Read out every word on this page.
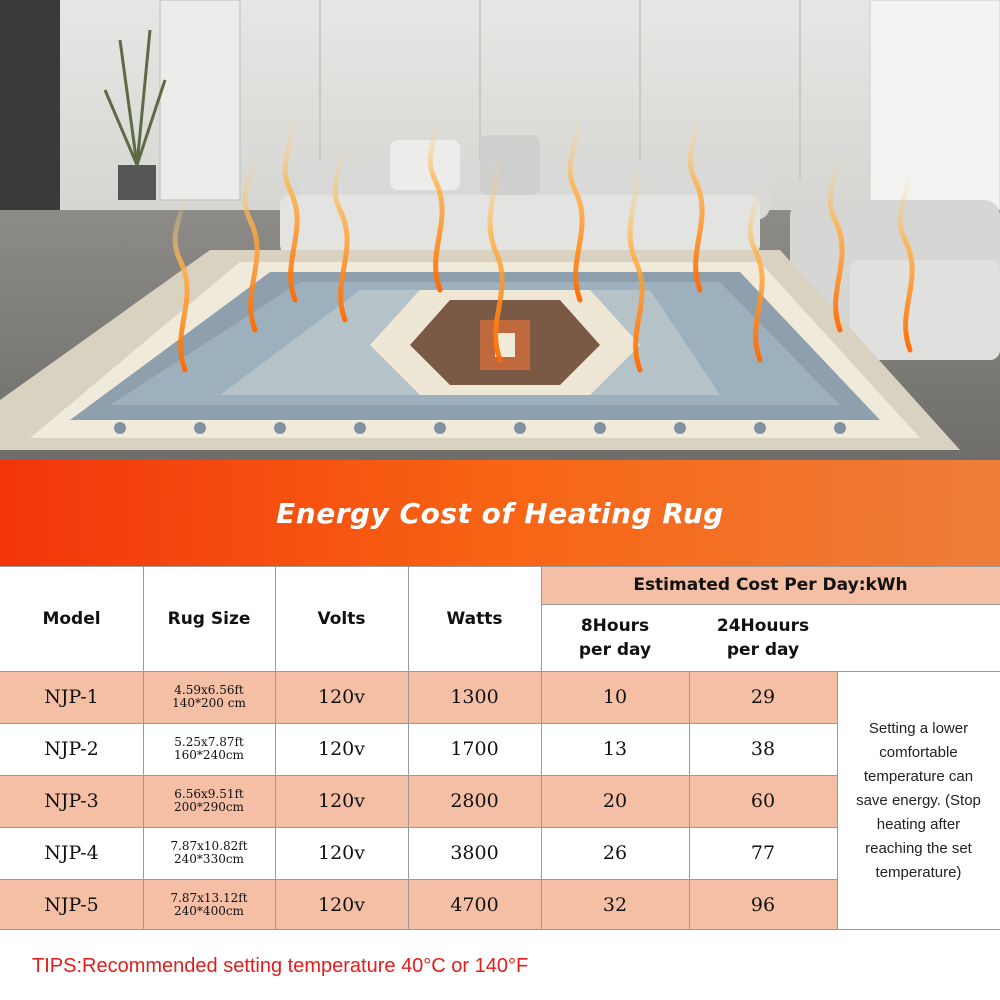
Energy Cost of Heating Rug
Model	Rug Size	Volts	Watts
Estimated Cost Per Day:kWh
8Hours
per day
24Houurs
per day
NJP-1	4.59x6.56ft
140*200 cm	120v	1300	10	29
NJP-2	5.25x7.87ft
160*240cm	120v	1700	13	38
NJP-3	6.56x9.51ft
200*290cm	120v	2800	20	60
NJP-4	7.87x10.82ft
240*330cm	120v	3800	26	77
NJP-5	7.87x13.12ft
240*400cm	120v	4700	32	96
Setting a lower
comfortable
temperature can
save energy. (Stop
heating after
reaching the set
temperature)
TIPS:Recommended setting temperature 40°C or 140°F
